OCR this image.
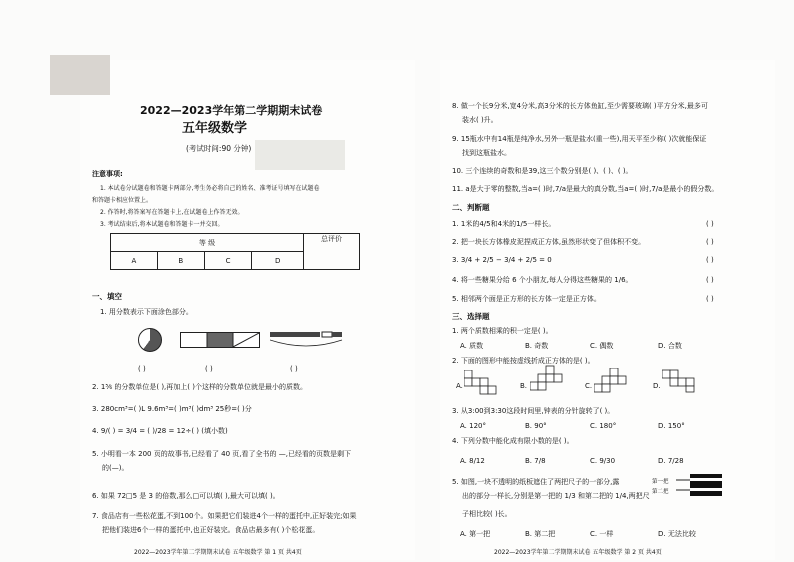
2022—2023学年第二学期期末试卷
五年级数学
(考试时间:90 分钟)
注意事项:
1. 本试卷分试题卷和答题卡两部分,考生务必将自己的姓名、准考证号填写在试题卷
和答题卡相应位置上。
2. 作答时,将答案写在答题卡上,在试题卷上作答无效。
3. 考试结束后,将本试题卷和答题卡一并交回。
等 级				总评价
A	B	C	D	
一、填空
1. 用分数表示下面涂色部分。
( )	( )	( )
2. 1⁵⁄₆ 的分数单位是( ),再加上( )个这样的分数单位就是最小的质数。
3. 280cm³=( )L 9.6m³=( )m³( )dm³ 25秒=( )分
4. 9/( ) = 3/4 = ( )/28 = 12÷( ) (填小数)
5. 小明看一本 200 页的故事书,已经看了 40 页,看了全书的 —,已经看的页数是剩下
的(—)。
6. 如果 72□5 是 3 的倍数,那么□可以填( ),最大可以填( )。
7. 食品店有一些松花蛋,不到100个。如果把它们装进4个一样的蛋托中,正好装完;如果
把他们装进6个一样的蛋托中,也正好装完。食品店最多有( )个松花蛋。
2022—2023学年第二学期期末试卷 五年级数学 第 1 页 共4页
8. 做一个长9分米,宽4分米,高3分米的长方体鱼缸,至少需要玻璃( )平方分米,最多可
装水( )升。
9. 15瓶水中有14瓶是纯净水,另外一瓶是盐水(重一些),用天平至少称( )次就能保证
找到这瓶盐水。
10. 三个连续的奇数和是39,这三个数分别是( )、( )、( )。
11. a是大于零的整数,当a=( )时,7/a是最大的真分数,当a=( )时,7/a是最小的假分数。
二、判断题
1. 1米的4/5和4米的1/5一样长。	( )
2. 把一块长方体橡皮泥捏成正方体,虽然形状变了但体积不变。	( )
3. 3/4 + 2/5 − 3/4 + 2/5 = 0	( )
4. 将一些糖果分给 6 个小朋友,每人分得这些糖果的 1/6。	( )
5. 相邻两个面是正方形的长方体一定是正方体。	( )
三、选择题
1. 两个质数相乘的积一定是( )。
A. 质数	B. 奇数	C. 偶数	D. 合数
2. 下面的图形中能按虚线折成正方体的是( )。
A.	B.	C.	D.
3. 从3:00到3:30这段时间里,钟表的分针旋转了( )。
A. 120°	B. 90°	C. 180°	D. 150°
4. 下列分数中能化成有限小数的是( )。
A. 8/12	B. 7/8	C. 9/30	D. 7/28
5. 如图,一块不透明的纸板遮住了两把尺子的一部分,露
出的部分一样长,分别是第一把的 1/3 和第二把的 1/4,两把尺
子相比较( )长。
第一把
第二把
A. 第一把	B. 第二把	C. 一样	D. 无法比较
2022—2023学年第二学期期末试卷 五年级数学 第 2 页 共4页
